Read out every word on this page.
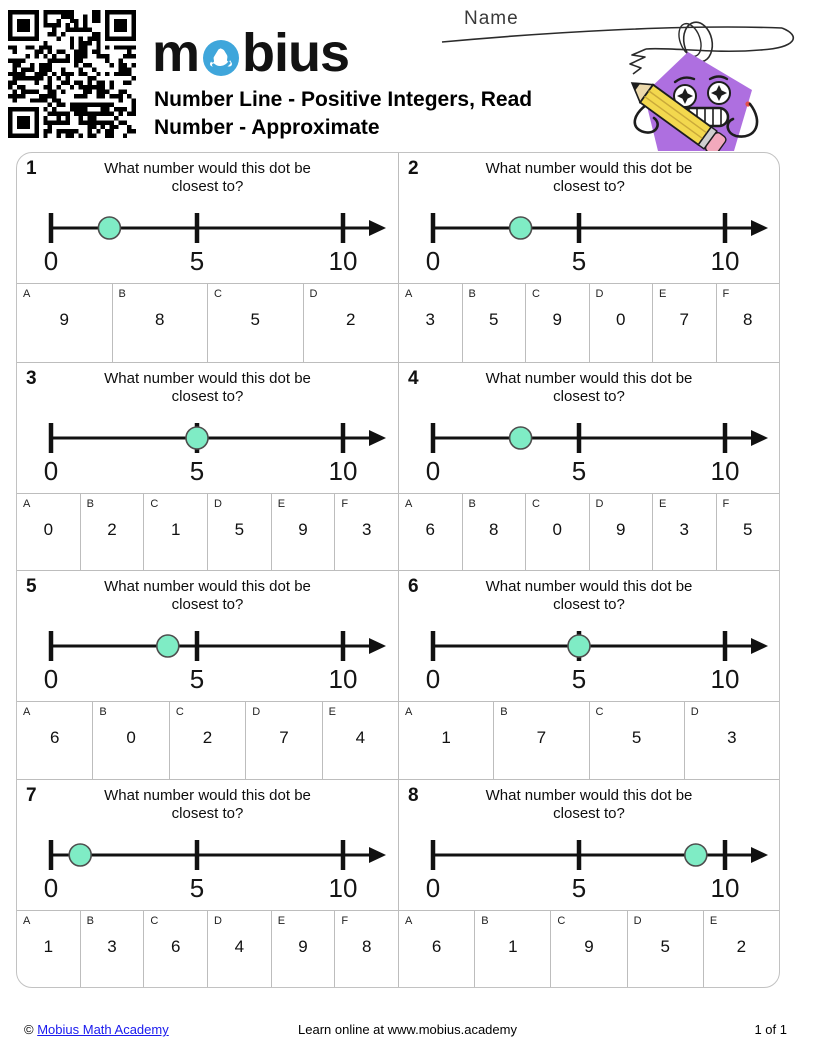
m bius
Number Line - Positive Integers, Read
Number - Approximate
Name
1	What number would this dot be
closest to?
0	5	10
A
9
B
8
C
5
D
2
2	What number would this dot be
closest to?
0	5	10
A
3
B
5
C
9
D
0
E
7
F
8
3	What number would this dot be
closest to?
0	5	10
A
0
B
2
C
1
D
5
E
9
F
3
4	What number would this dot be
closest to?
0	5	10
A
6
B
8
C
0
D
9
E
3
F
5
5	What number would this dot be
closest to?
0	5	10
A
6
B
0
C
2
D
7
E
4
6	What number would this dot be
closest to?
0	5	10
A
1
B
7
C
5
D
3
7	What number would this dot be
closest to?
0	5	10
A
1
B
3
C
6
D
4
E
9
F
8
8	What number would this dot be
closest to?
0	5	10
A
6
B
1
C
9
D
5
E
2
Learn online at www.mobius.academy
© Mobius Math Academy	1 of 1
